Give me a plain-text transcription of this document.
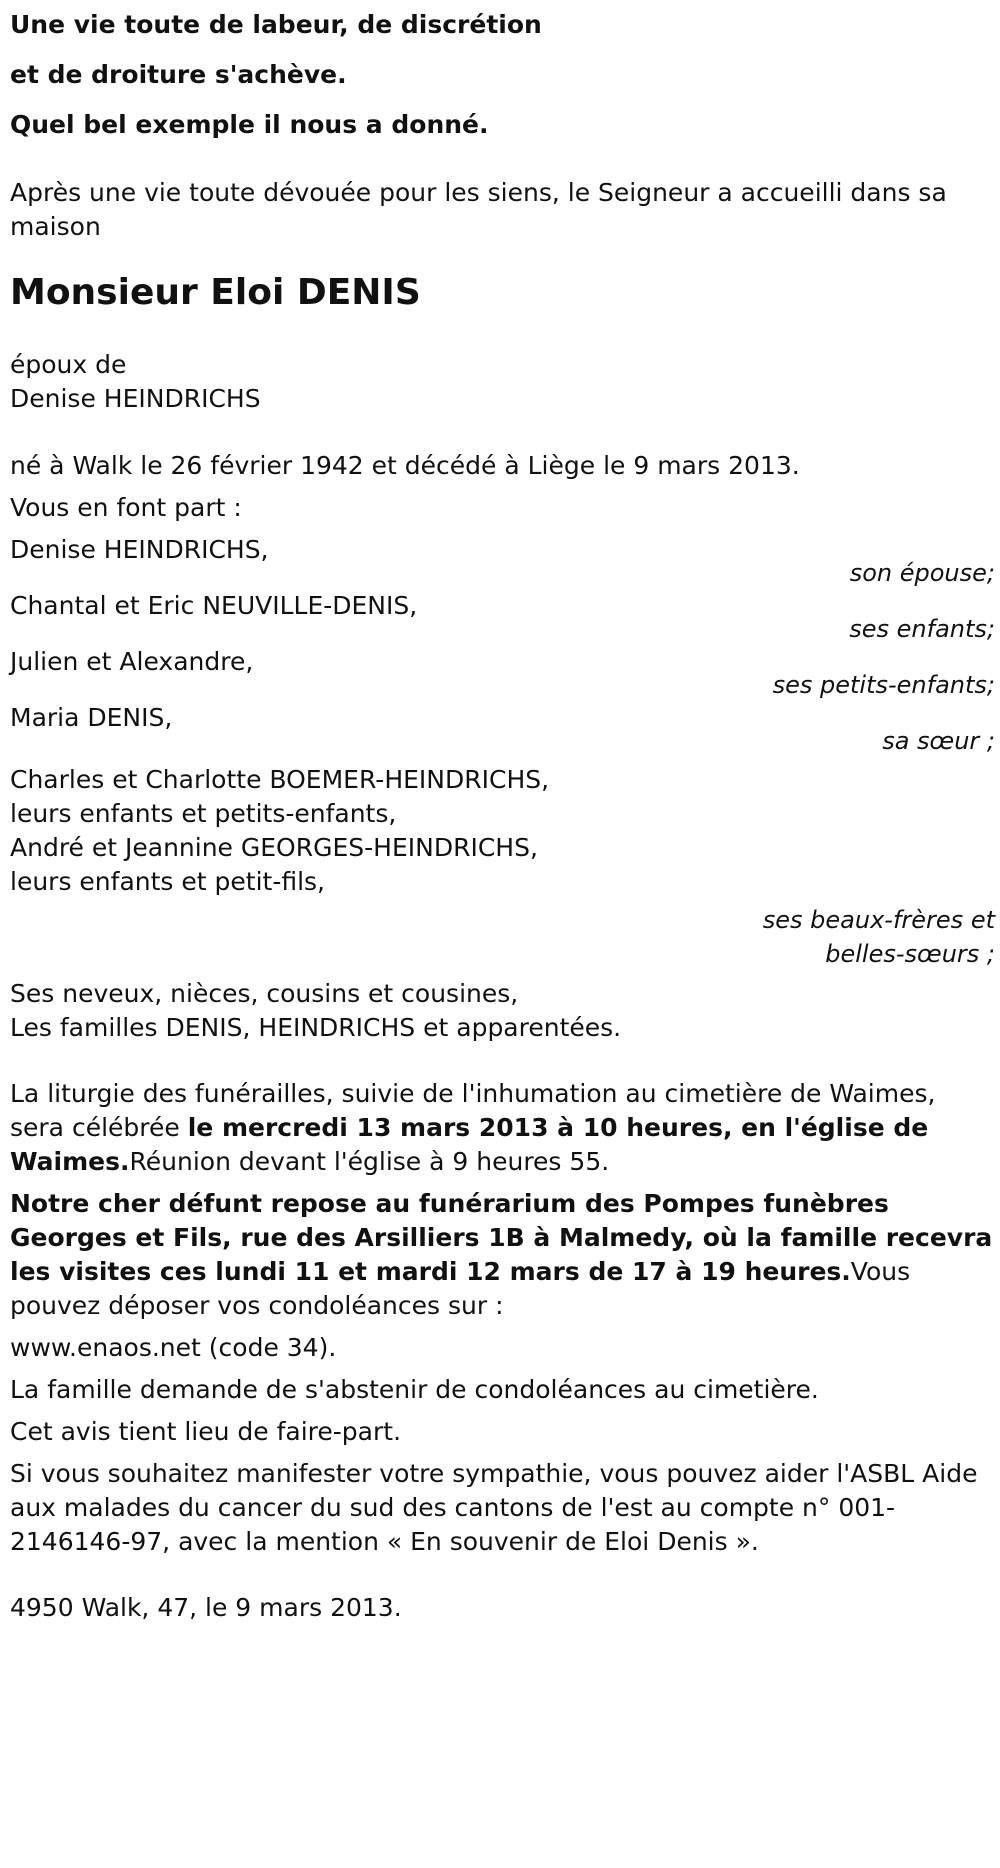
Une vie toute de labeur, de discrétion

et de droiture s'achève.

Quel bel exemple il nous a donné.

Après une vie toute dévouée pour les siens, le Seigneur a accueilli dans sa maison

Monsieur Eloi DENIS

époux de

Denise HEINDRICHS

né à Walk le 26 février 1942 et décédé à Liège le 9 mars 2013.

Vous en font part :

Denise HEINDRICHS,

son épouse;

Chantal et Eric NEUVILLE-DENIS,

ses enfants;

Julien et Alexandre,

ses petits-enfants;

Maria DENIS,

sa sœur ;

Charles et Charlotte BOEMER-HEINDRICHS,

leurs enfants et petits-enfants,

André et Jeannine GEORGES-HEINDRICHS,

leurs enfants et petit-fils,

ses beaux-frères et

belles-sœurs ;

Ses neveux, nièces, cousins et cousines,

Les familles DENIS, HEINDRICHS et apparentées.

La liturgie des funérailles, suivie de l'inhumation au cimetière de Waimes, sera célébrée le mercredi 13 mars 2013 à 10 heures, en l'église de Waimes.Réunion devant l'église à 9 heures 55.

Notre cher défunt repose au funérarium des Pompes funèbres Georges et Fils, rue des Arsilliers 1B à Malmedy, où la famille recevra les visites ces lundi 11 et mardi 12 mars de 17 à 19 heures.Vous pouvez déposer vos condoléances sur :

www.enaos.net (code 34).

La famille demande de s'abstenir de condoléances au cimetière.

Cet avis tient lieu de faire-part.

Si vous souhaitez manifester votre sympathie, vous pouvez aider l'ASBL Aide aux malades du cancer du sud des cantons de l'est au compte n° 001-2146146-97, avec la mention « En souvenir de Eloi Denis ».

4950 Walk, 47, le 9 mars 2013.
